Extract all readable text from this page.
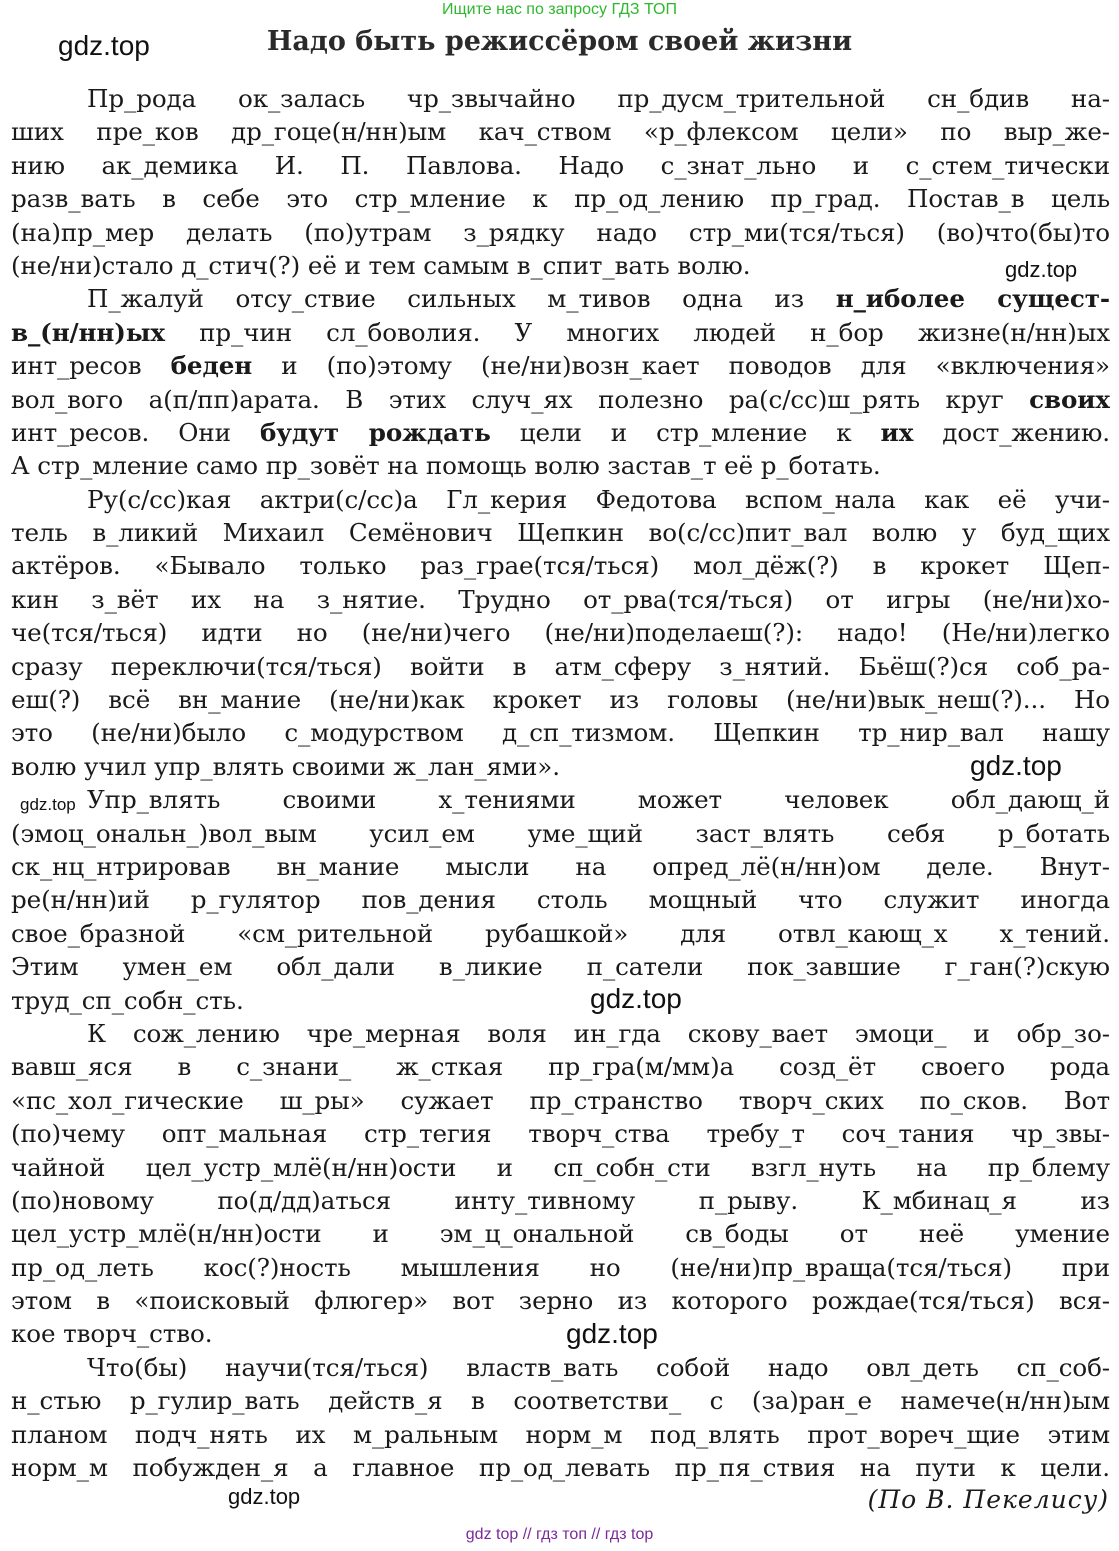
Ищите нас по запросу ГДЗ ТОП
gdz.top	Надо быть режиссёром своей жизни
Пр_рода ок_залась чр_звычайно пр_дусм_трительной сн_бдив на-
ших пре_ков др_гоце(н/нн)ым кач_ством «р_флексом цели» по выр_же-
нию ак_демика И. П. Павлова. Надо с_знат_льно и с_стем_тически
разв_вать в себе это стр_мление к пр_од_лению пр_град. Постав_в цель
(на)пр_мер делать (по)утрам з_рядку надо стр_ми(тся/ться) (во)что(бы)то
(не/ни)стало д_стич(?) её и тем самым в_спит_вать волю.
П_жалуй отсу_ствие сильных м_тивов одна из н_иболее сущест-
в_(н/нн)ых пр_чин сл_боволия. У многих людей н_бор жизне(н/нн)ых
инт_ресов беден и (по)этому (не/ни)возн_кает поводов для «включения»
вол_вого а(п/пп)арата. В этих случ_ях полезно ра(с/сс)ш_рять круг своих
инт_ресов. Они будут рождать цели и стр_мление к их дост_жению.
А стр_мление само пр_зовёт на помощь волю застав_т её р_ботать.
Ру(с/сс)кая актри(с/сс)а Гл_керия Федотова вспом_нала как её учи-
тель в_ликий Михаил Семёнович Щепкин во(с/сс)пит_вал волю у буд_щих
актёров. «Бывало только раз_грае(тся/ться) мол_дёж(?) в крокет Щеп-
кин з_вёт их на з_нятие. Трудно от_рва(тся/ться) от игры (не/ни)хо-
че(тся/ться) идти но (не/ни)чего (не/ни)поделаеш(?): надо! (Не/ни)легко
сразу переключи(тся/ться) войти в атм_сферу з_нятий. Бьёш(?)ся соб_ра-
еш(?) всё вн_мание (не/ни)как крокет из головы (не/ни)вык_неш(?)... Но
это (не/ни)было с_модурством д_сп_тизмом. Щепкин тр_нир_вал нашу
волю учил упр_влять своими ж_лан_ями».
Упр_влять своими х_тениями может человек обл_дающ_й
(эмоц_ональн_)вол_вым усил_ем уме_щий заст_влять себя р_ботать
ск_нц_нтрировав вн_мание мысли на опред_лё(н/нн)ом деле. Внут-
ре(н/нн)ий р_гулятор пов_дения столь мощный что служит иногда
свое_бразной «см_рительной рубашкой» для отвл_кающ_х х_тений.
Этим умен_ем обл_дали в_ликие п_сатели пок_завшие г_ган(?)скую
труд_сп_собн_сть.
К сож_лению чре_мерная воля ин_гда скову_вает эмоци_ и обр_зо-
вавш_яся в с_знани_ ж_сткая пр_гра(м/мм)а созд_ёт своего рода
«пс_хол_гические ш_ры» сужает пр_странство творч_ских по_сков. Вот
(по)чему опт_мальная стр_тегия творч_ства требу_т соч_тания чр_звы-
чайной цел_устр_млё(н/нн)ости и сп_собн_сти взгл_нуть на пр_блему
(по)новому по(д/дд)аться инту_тивному п_рыву. К_мбинац_я из
цел_устр_млё(н/нн)ости и эм_ц_ональной св_боды от неё умение
пр_од_леть кос(?)ность мышления но (не/ни)пр_враща(тся/ться) при
этом в «поисковый флюгер» вот зерно из которого рождае(тся/ться) вся-
кое творч_ство.
Что(бы) научи(тся/ться) властв_вать собой надо овл_деть сп_соб-
н_стью р_гулир_вать действ_я в соответстви_ с (за)ран_е намече(н/нн)ым
планом подч_нять их м_ральным норм_м под_влять прот_вореч_щие этим
норм_м побужден_я а главное пр_од_левать пр_пя_ствия на пути к цели.
gdz.top
gdz.top
gdz.top
gdz.top
gdz.top
gdz.top	(По В. Пекелису)
gdz top // гдз топ // гдз top
